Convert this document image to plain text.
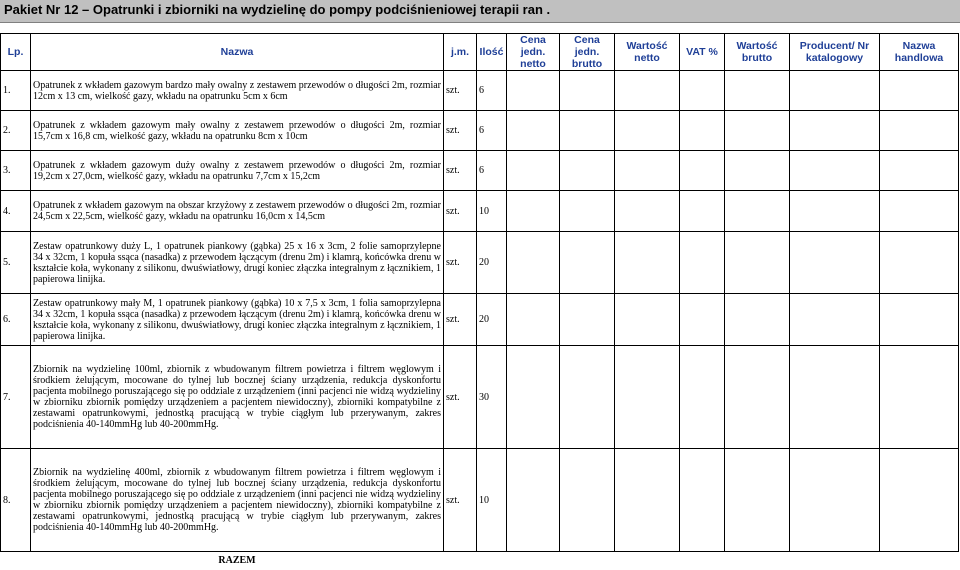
Pakiet Nr 12 – Opatrunki i zbiorniki na wydzielinę do pompy podciśnieniowej terapii ran .
Lp.	Nazwa	j.m.	Ilość	Cena jedn. netto	Cena jedn. brutto	Wartość netto	VAT %	Wartość brutto	Producent/ Nr katalogowy	Nazwa handlowa
1.	Opatrunek z wkładem gazowym bardzo mały owalny z zestawem przewodów o długości 2m, rozmiar 12cm x 13 cm, wielkość gazy, wkładu na opatrunku 5cm x 6cm	szt.	6							
2.	Opatrunek z wkładem gazowym mały owalny z zestawem przewodów o długości 2m, rozmiar 15,7cm x 16,8 cm, wielkość gazy, wkładu na opatrunku 8cm x 10cm	szt.	6							
3.	Opatrunek z wkładem gazowym duży owalny z zestawem przewodów o długości 2m, rozmiar 19,2cm x 27,0cm, wielkość gazy, wkładu na opatrunku 7,7cm x 15,2cm	szt.	6							
4.	Opatrunek z wkładem gazowym na obszar krzyżowy z zestawem przewodów o długości 2m, rozmiar 24,5cm x 22,5cm, wielkość gazy, wkładu na opatrunku 16,0cm x 14,5cm	szt.	10							
5.	Zestaw opatrunkowy duży L, 1 opatrunek piankowy (gąbka) 25 x 16 x 3cm, 2 folie samoprzylepne 34 x 32cm, 1 kopuła ssąca (nasadka) z przewodem łączącym (drenu 2m) i klamrą, końcówka drenu w kształcie koła, wykonany z silikonu, dwuświatłowy, drugi koniec złączka integralnym z łącznikiem, 1 papierowa linijka.	szt.	20							
6.	Zestaw opatrunkowy mały M, 1 opatrunek piankowy (gąbka) 10 x 7,5 x 3cm, 1 folia samoprzylepna 34 x 32cm, 1 kopuła ssąca (nasadka) z przewodem łączącym (drenu 2m) i klamrą, końcówka drenu w kształcie koła, wykonany z silikonu, dwuświatłowy, drugi koniec złączka integralnym z łącznikiem, 1 papierowa linijka.	szt.	20							
7.	Zbiornik na wydzielinę 100ml, zbiornik z wbudowanym filtrem powietrza i filtrem węglowym i środkiem żelującym, mocowane do tylnej lub bocznej ściany urządzenia, redukcja dyskonfortu pacjenta mobilnego poruszającego się po oddziale z urządzeniem (inni pacjenci nie widzą wydzieliny w zbiorniku zbiornik pomiędzy urządzeniem a pacjentem niewidoczny), zbiorniki kompatybilne z zestawami opatrunkowymi, jednostką pracującą w trybie ciągłym lub przerywanym, zakres podciśnienia 40-140mmHg lub 40-200mmHg.	szt.	30							
8.	Zbiornik na wydzielinę 400ml, zbiornik z wbudowanym filtrem powietrza i filtrem węglowym i środkiem żelującym, mocowane do tylnej lub bocznej ściany urządzenia, redukcja dyskonfortu pacjenta mobilnego poruszającego się po oddziale z urządzeniem (inni pacjenci nie widzą wydzieliny w zbiorniku zbiornik pomiędzy urządzeniem a pacjentem niewidoczny), zbiorniki kompatybilne z zestawami opatrunkowymi, jednostką pracującą w trybie ciągłym lub przerywanym, zakres podciśnienia 40-140mmHg lub 40-200mmHg.	szt.	10							
	RAZEM									
